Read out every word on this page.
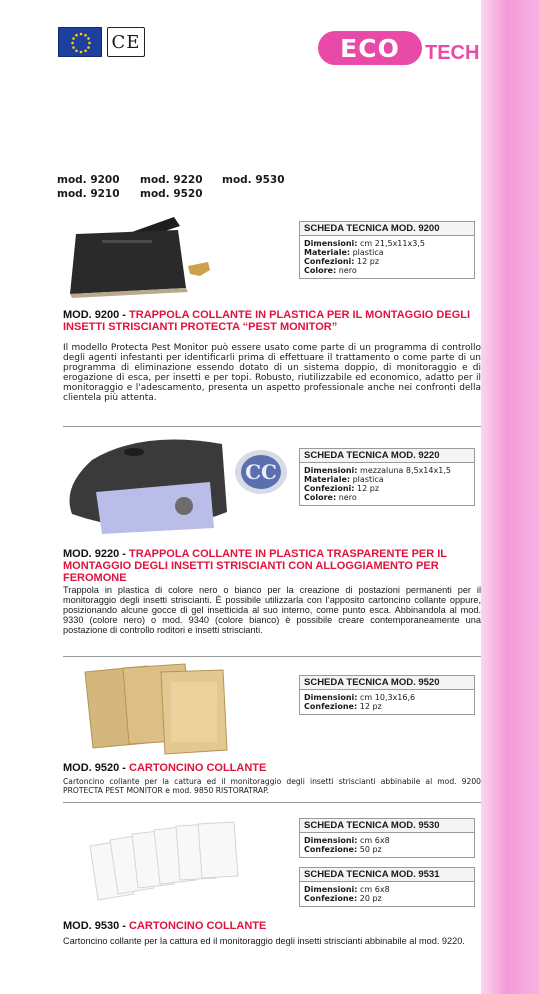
CE	ECO TECH
mod. 9200
mod. 9210
mod. 9220
mod. 9520
mod. 9530
SCHEDA TECNICA MOD. 9200
Dimensioni: cm 21,5x11x3,5
Materiale: plastica
Confezioni: 12 pz
Colore: nero
MOD. 9200 - TRAPPOLA COLLANTE IN PLASTICA PER IL MONTAGGIO DEGLI INSETTI STRISCIANTI PROTECTA “PEST MONITOR”
Il modello Protecta Pest Monitor può essere usato come parte di un programma di controllo degli agenti infestanti per identificarli prima di effettuare il trattamento o come parte di un programma di eliminazione essendo dotato di un sistema doppio, di monitoraggio e di erogazione di esca, per insetti e per topi. Robusto, riutilizzabile ed economico, adatto per il monitoraggio e l'adescamento, presenta un aspetto professionale anche nei confronti della clientela più attenta.
CC
SCHEDA TECNICA MOD. 9220
Dimensioni: mezzaluna 8,5x14x1,5
Materiale: plastica
Confezioni: 12 pz
Colore: nero
MOD. 9220 - TRAPPOLA COLLANTE IN PLASTICA TRASPARENTE PER IL MONTAGGIO DEGLI INSETTI STRISCIANTI CON ALLOGGIAMENTO PER FEROMONE
Trappola in plastica di colore nero o bianco per la creazione di postazioni permanenti per il monitoraggio degli insetti striscianti. È possibile utilizzarla con l’apposito cartoncino collante oppure, posizionando alcune gocce di gel insetticida al suo interno, come punto esca. Abbinandola al mod. 9330 (colore nero) o mod. 9340 (colore bianco) è possibile creare contemporaneamente una postazione di controllo roditori e insetti striscianti.
SCHEDA TECNICA MOD. 9520
Dimensioni: cm 10,3x16,6
Confezione: 12 pz
MOD. 9520 - CARTONCINO COLLANTE
Cartoncino collante per la cattura ed il monitoraggio degli insetti striscianti abbinabile al mod. 9200 PROTECTA PEST MONITOR e mod. 9850 RISTORATRAP.
SCHEDA TECNICA MOD. 9530
Dimensioni: cm 6x8
Confezione: 50 pz
SCHEDA TECNICA MOD. 9531
Dimensioni: cm 6x8
Confezione: 20 pz
MOD. 9530 - CARTONCINO COLLANTE
Cartoncino collante per la cattura ed il monitoraggio degli insetti striscianti abbinabile al mod. 9220.
